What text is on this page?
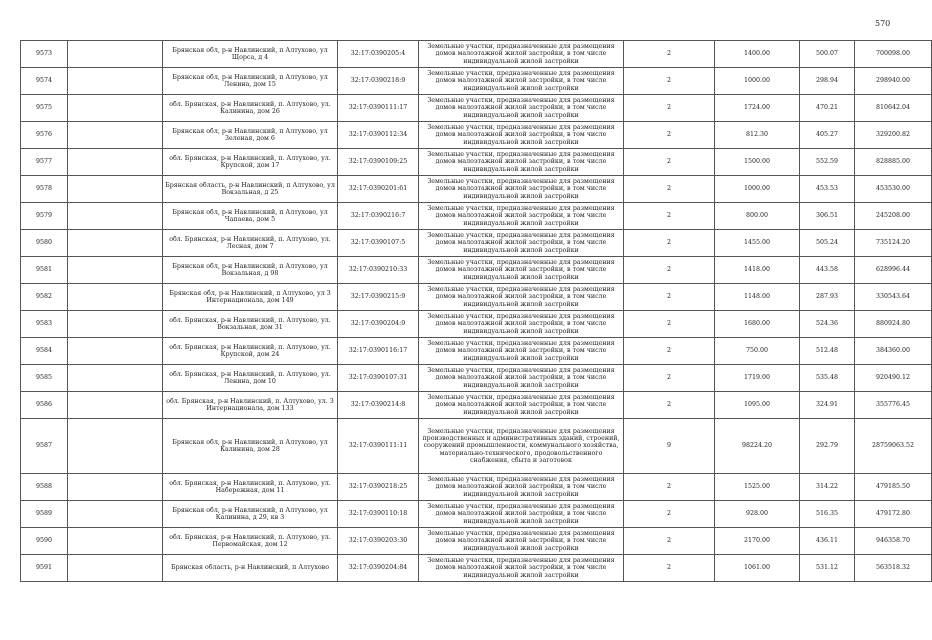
570
9573		Брянская обл, р-н Навлинский, п Алтухово, ул Щорса, д 4	32:17:0390205:4	Земельные участки, предназначенные для размещения домов малоэтажной жилой застройки, в том числе индивидуальной жилой застройки	2	1400.00	500.07	700098.00
9574		Брянская обл, р-н Навлинский, п Алтухово, ул Ленина, дом 15	32:17:0390218:9	Земельные участки, предназначенные для размещения домов малоэтажной жилой застройки, в том числе индивидуальной жилой застройки	2	1000.00	298.94	298940.00
9575		обл. Брянская, р-н Навлинский, п. Алтухово, ул. Калинина, дом 26	32:17:0390111:17	Земельные участки, предназначенные для размещения домов малоэтажной жилой застройки, в том числе индивидуальной жилой застройки	2	1724.00	470.21	810642.04
9576		Брянская обл, р-н Навлинский, п Алтухово, ул Зеленая, дом 6	32:17:0390112:34	Земельные участки, предназначенные для размещения домов малоэтажной жилой застройки, в том числе индивидуальной жилой застройки	2	812.30	405.27	329200.82
9577		обл. Брянская, р-н Навлинский, п. Алтухово, ул. Крупской, дом 17	32:17:0390109:25	Земельные участки, предназначенные для размещения домов малоэтажной жилой застройки, в том числе индивидуальной жилой застройки	2	1500.00	552.59	828885.00
9578		Брянская область, р-н Навлинский, п Алтухово, ул Вокзальная, д 25	32:17:0390201:61	Земельные участки, предназначенные для размещения домов малоэтажной жилой застройки, в том числе индивидуальной жилой застройки	2	1000.00	453.53	453530.00
9579		Брянская обл, р-н Навлинский, п Алтухово, ул Чапаева, дом 5	32:17:0390216:7	Земельные участки, предназначенные для размещения домов малоэтажной жилой застройки, в том числе индивидуальной жилой застройки	2	800.00	306.51	245208.00
9580		обл. Брянская, р-н Навлинский, п. Алтухово, ул. Лесная, дом 7	32:17:0390107:5	Земельные участки, предназначенные для размещения домов малоэтажной жилой застройки, в том числе индивидуальной жилой застройки	2	1455.00	505.24	735124.20
9581		Брянская обл, р-н Навлинский, п Алтухово, ул Вокзальная, д 98	32:17:0390210:33	Земельные участки, предназначенные для размещения домов малоэтажной жилой застройки, в том числе индивидуальной жилой застройки	2	1418.00	443.58	628996.44
9582		Брянская обл, р-н Навлинский, п Алтухово, ул 3 Интернационала, дом 149	32:17:0390215:9	Земельные участки, предназначенные для размещения домов малоэтажной жилой застройки, в том числе индивидуальной жилой застройки	2	1148.00	287.93	330543.64
9583		обл. Брянская, р-н Навлинский, п. Алтухово, ул. Вокзальная, дом 31	32:17:0390204:9	Земельные участки, предназначенные для размещения домов малоэтажной жилой застройки, в том числе индивидуальной жилой застройки	2	1680.00	524.36	880924.80
9584		обл. Брянская, р-н Навлинский, п. Алтухово, ул. Крупской, дом 24	32:17:0390116:17	Земельные участки, предназначенные для размещения домов малоэтажной жилой застройки, в том числе индивидуальной жилой застройки	2	750.00	512.48	384360.00
9585		обл. Брянская, р-н Навлинский, п. Алтухово, ул. Ленина, дом 10	32:17:0390107:31	Земельные участки, предназначенные для размещения домов малоэтажной жилой застройки, в том числе индивидуальной жилой застройки	2	1719.00	535.48	920490.12
9586		обл. Брянская, р-н Навлинский, п. Алтухово, ул. 3 Интернационала, дом 133	32:17:0390214:8	Земельные участки, предназначенные для размещения домов малоэтажной жилой застройки, в том числе индивидуальной жилой застройки	2	1095.00	324.91	355776.45
9587		Брянская обл, р-н Навлинский, п Алтухово, ул Калинина, дом 28	32:17:0390111:11	Земельные участки, предназначенные для размещения производственных и административных зданий, строений, сооружений промышленности, коммунального хозяйства, материально-технического, продовольственного снабжения, сбыта и заготовок	9	98224.20	292.79	28759063.52
9588		обл. Брянская, р-н Навлинский, п. Алтухово, ул. Набережная, дом 11	32:17:0390218:25	Земельные участки, предназначенные для размещения домов малоэтажной жилой застройки, в том числе индивидуальной жилой застройки	2	1525.00	314.22	479185.50
9589		Брянская обл, р-н Навлинский, п Алтухово, ул Калинина, д 29, кв 3	32:17:0390110:18	Земельные участки, предназначенные для размещения домов малоэтажной жилой застройки, в том числе индивидуальной жилой застройки	2	928.00	516.35	479172.80
9590		обл. Брянская, р-н Навлинский, п. Алтухово, ул. Первомайская, дом 12	32:17:0390203:30	Земельные участки, предназначенные для размещения домов малоэтажной жилой застройки, в том числе индивидуальной жилой застройки	2	2170.00	436.11	946358.70
9591		Брянская область, р-н Навлинский, п Алтухово	32:17:0390204:84	Земельные участки, предназначенные для размещения домов малоэтажной жилой застройки, в том числе индивидуальной жилой застройки	2	1061.00	531.12	563518.32
